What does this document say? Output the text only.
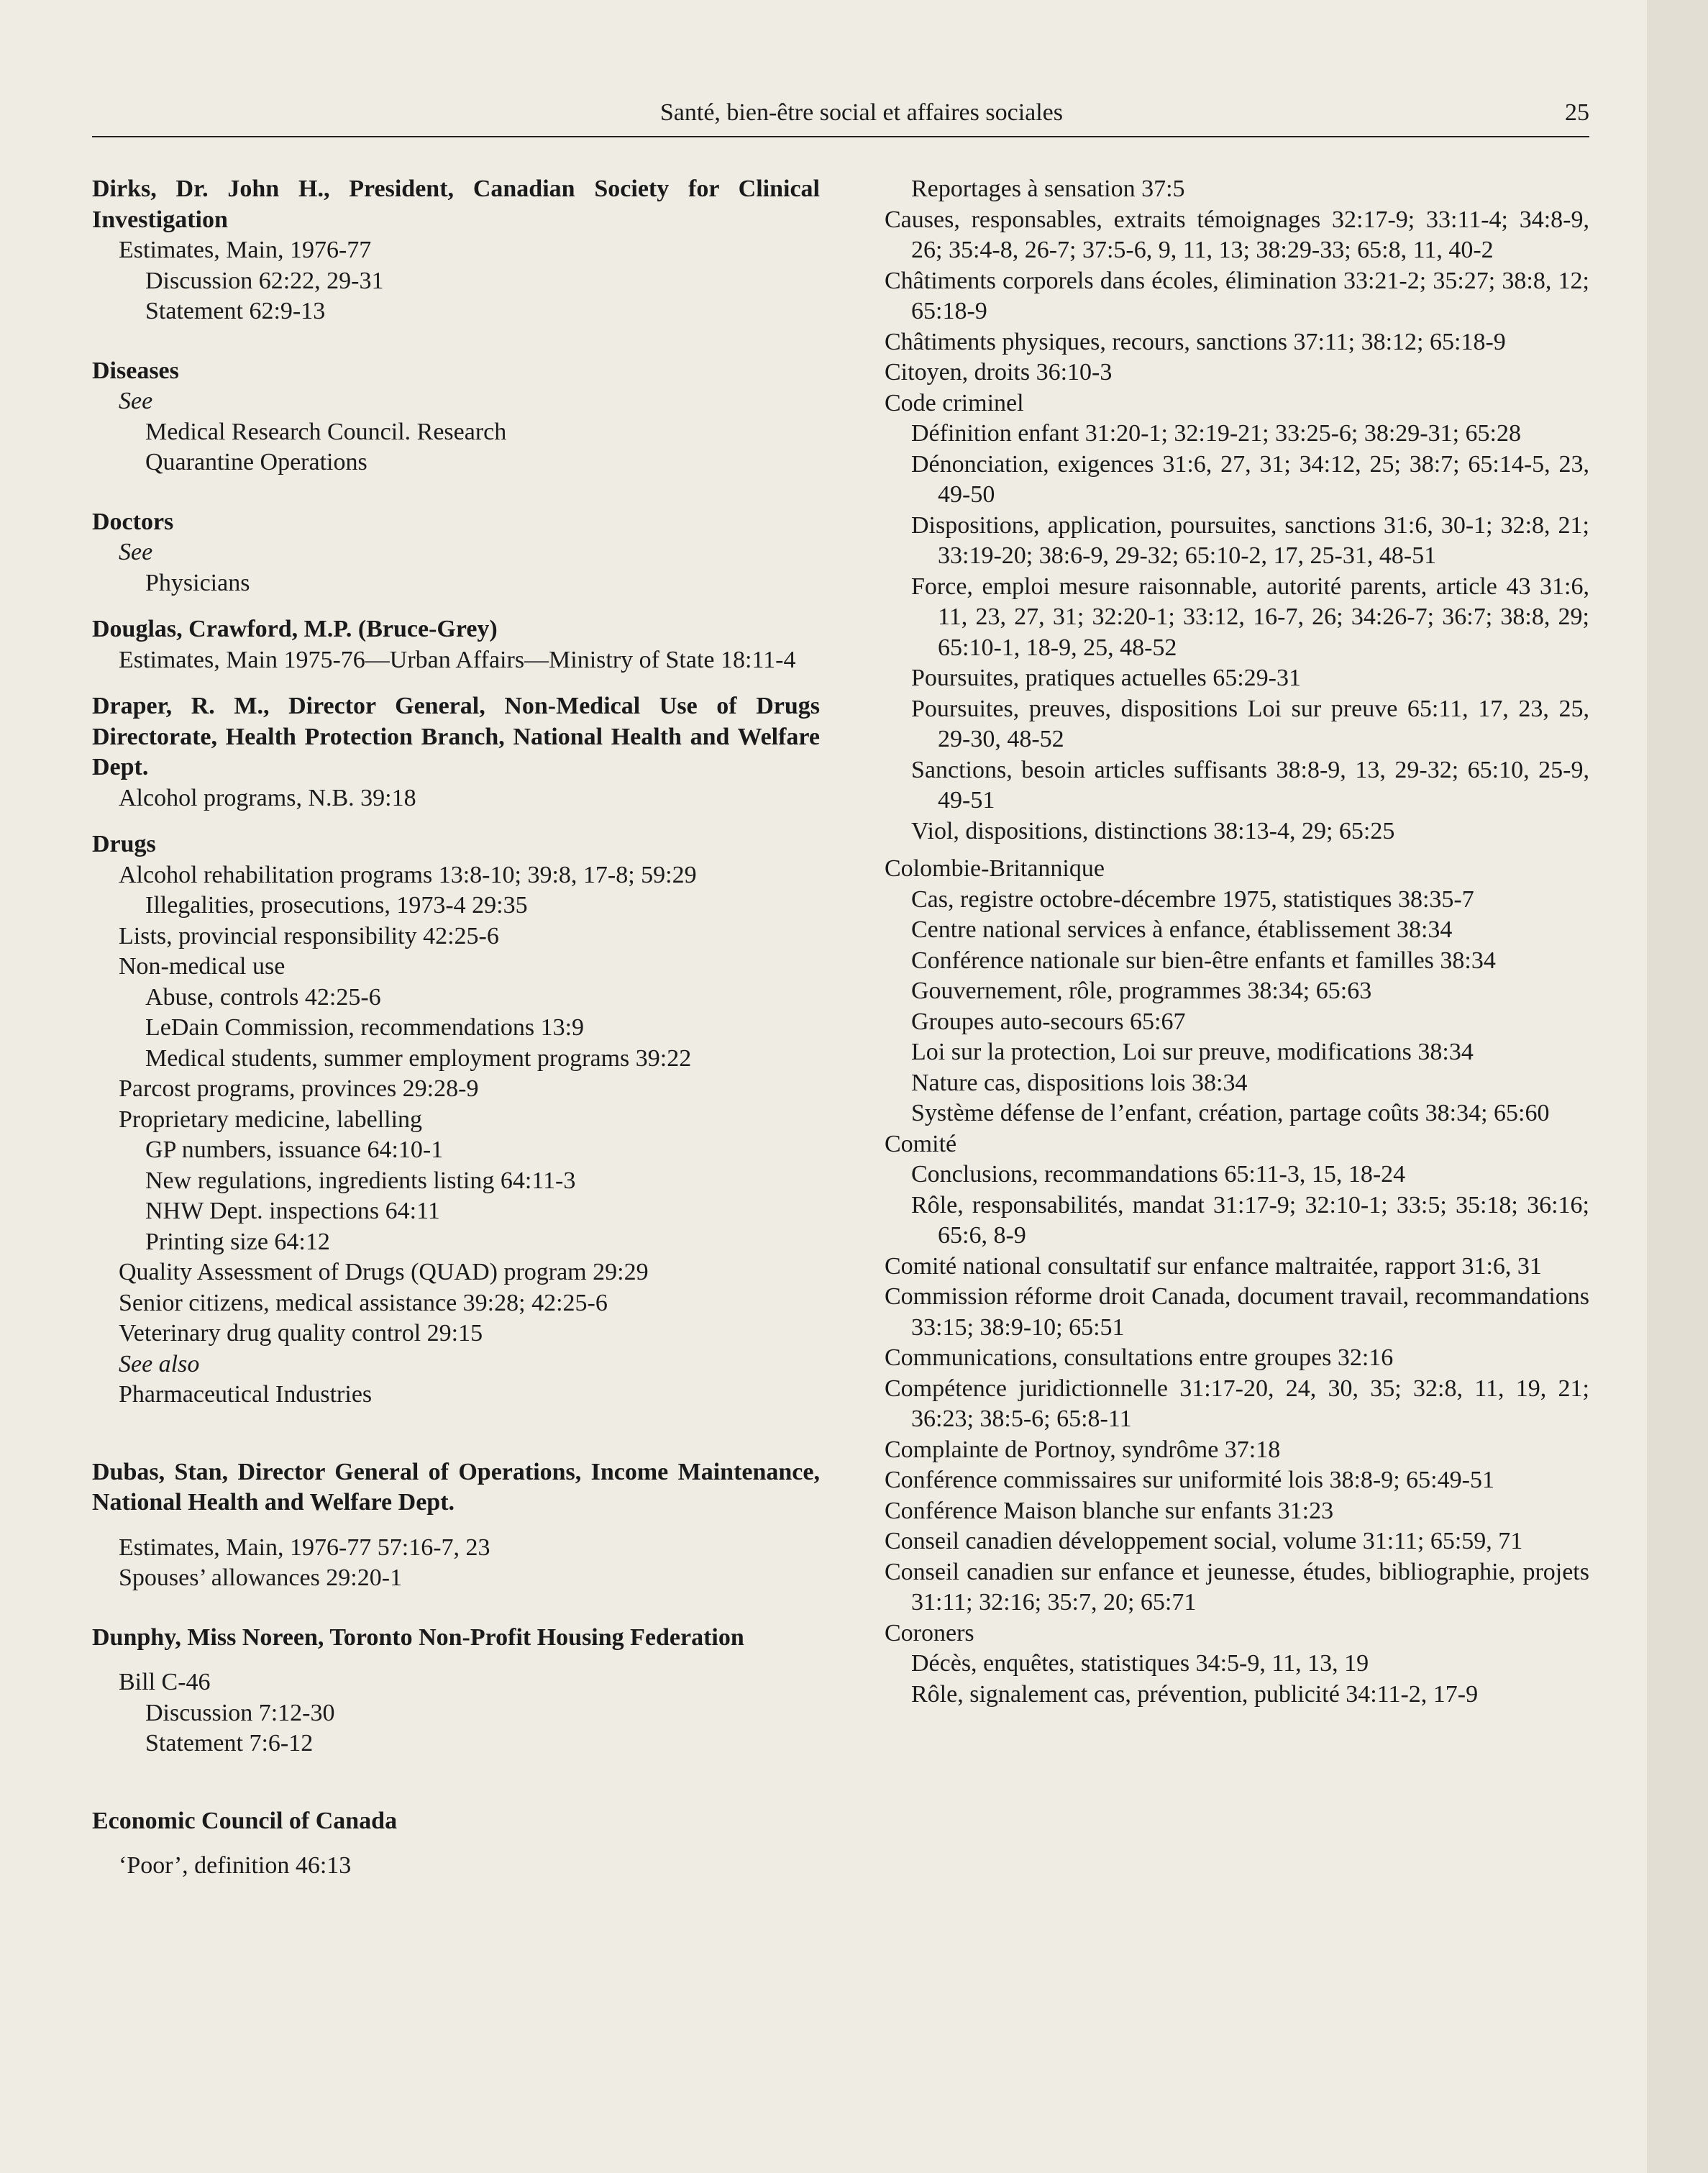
Santé, bien-être social et affaires sociales	25
Dirks, Dr. John H., President, Canadian Society for Clinical Investigation
Estimates, Main, 1976-77
Discussion 62:22, 29-31
Statement 62:9-13
Diseases
See
Medical Research Council. Research
Quarantine Operations
Doctors
See
Physicians
Douglas, Crawford, M.P. (Bruce-Grey)
Estimates, Main 1975-76—Urban Affairs—Ministry of State 18:11-4
Draper, R. M., Director General, Non-Medical Use of Drugs Directorate, Health Protection Branch, National Health and Welfare Dept.
Alcohol programs, N.B. 39:18
Drugs
Alcohol rehabilitation programs 13:8-10; 39:8, 17-8; 59:29
Illegalities, prosecutions, 1973-4 29:35
Lists, provincial responsibility 42:25-6
Non-medical use
Abuse, controls 42:25-6
LeDain Commission, recommendations 13:9
Medical students, summer employment programs 39:22
Parcost programs, provinces 29:28-9
Proprietary medicine, labelling
GP numbers, issuance 64:10-1
New regulations, ingredients listing 64:11-3
NHW Dept. inspections 64:11
Printing size 64:12
Quality Assessment of Drugs (QUAD) program 29:29
Senior citizens, medical assistance 39:28; 42:25-6
Veterinary drug quality control 29:15
See also
Pharmaceutical Industries
Dubas, Stan, Director General of Operations, Income Maintenance, National Health and Welfare Dept.
Estimates, Main, 1976-77 57:16-7, 23
Spouses’ allowances 29:20-1
Dunphy, Miss Noreen, Toronto Non-Profit Housing Federation
Bill C-46
Discussion 7:12-30
Statement 7:6-12
Economic Council of Canada
‘Poor’, definition 46:13
Reportages à sensation 37:5
Causes, responsables, extraits témoignages 32:17-9; 33:11-4; 34:8-9, 26; 35:4-8, 26-7; 37:5-6, 9, 11, 13; 38:29-33; 65:8, 11, 40-2
Châtiments corporels dans écoles, élimination 33:21-2; 35:27; 38:8, 12; 65:18-9
Châtiments physiques, recours, sanctions 37:11; 38:12; 65:18-9
Citoyen, droits 36:10-3
Code criminel
Définition enfant 31:20-1; 32:19-21; 33:25-6; 38:29-31; 65:28
Dénonciation, exigences 31:6, 27, 31; 34:12, 25; 38:7; 65:14-5, 23, 49-50
Dispositions, application, poursuites, sanctions 31:6, 30-1; 32:8, 21; 33:19-20; 38:6-9, 29-32; 65:10-2, 17, 25-31, 48-51
Force, emploi mesure raisonnable, autorité parents, article 43 31:6, 11, 23, 27, 31; 32:20-1; 33:12, 16-7, 26; 34:26-7; 36:7; 38:8, 29; 65:10-1, 18-9, 25, 48-52
Poursuites, pratiques actuelles 65:29-31
Poursuites, preuves, dispositions Loi sur preuve 65:11, 17, 23, 25, 29-30, 48-52
Sanctions, besoin articles suffisants 38:8-9, 13, 29-32; 65:10, 25-9, 49-51
Viol, dispositions, distinctions 38:13-4, 29; 65:25
Colombie-Britannique
Cas, registre octobre-décembre 1975, statistiques 38:35-7
Centre national services à enfance, établissement 38:34
Conférence nationale sur bien-être enfants et familles 38:34
Gouvernement, rôle, programmes 38:34; 65:63
Groupes auto-secours 65:67
Loi sur la protection, Loi sur preuve, modifications 38:34
Nature cas, dispositions lois 38:34
Système défense de l’enfant, création, partage coûts 38:34; 65:60
Comité
Conclusions, recommandations 65:11-3, 15, 18-24
Rôle, responsabilités, mandat 31:17-9; 32:10-1; 33:5; 35:18; 36:16; 65:6, 8-9
Comité national consultatif sur enfance maltraitée, rapport 31:6, 31
Commission réforme droit Canada, document travail, recommandations 33:15; 38:9-10; 65:51
Communications, consultations entre groupes 32:16
Compétence juridictionnelle 31:17-20, 24, 30, 35; 32:8, 11, 19, 21; 36:23; 38:5-6; 65:8-11
Complainte de Portnoy, syndrôme 37:18
Conférence commissaires sur uniformité lois 38:8-9; 65:49-51
Conférence Maison blanche sur enfants 31:23
Conseil canadien développement social, volume 31:11; 65:59, 71
Conseil canadien sur enfance et jeunesse, études, bibliographie, projets 31:11; 32:16; 35:7, 20; 65:71
Coroners
Décès, enquêtes, statistiques 34:5-9, 11, 13, 19
Rôle, signalement cas, prévention, publicité 34:11-2, 17-9
